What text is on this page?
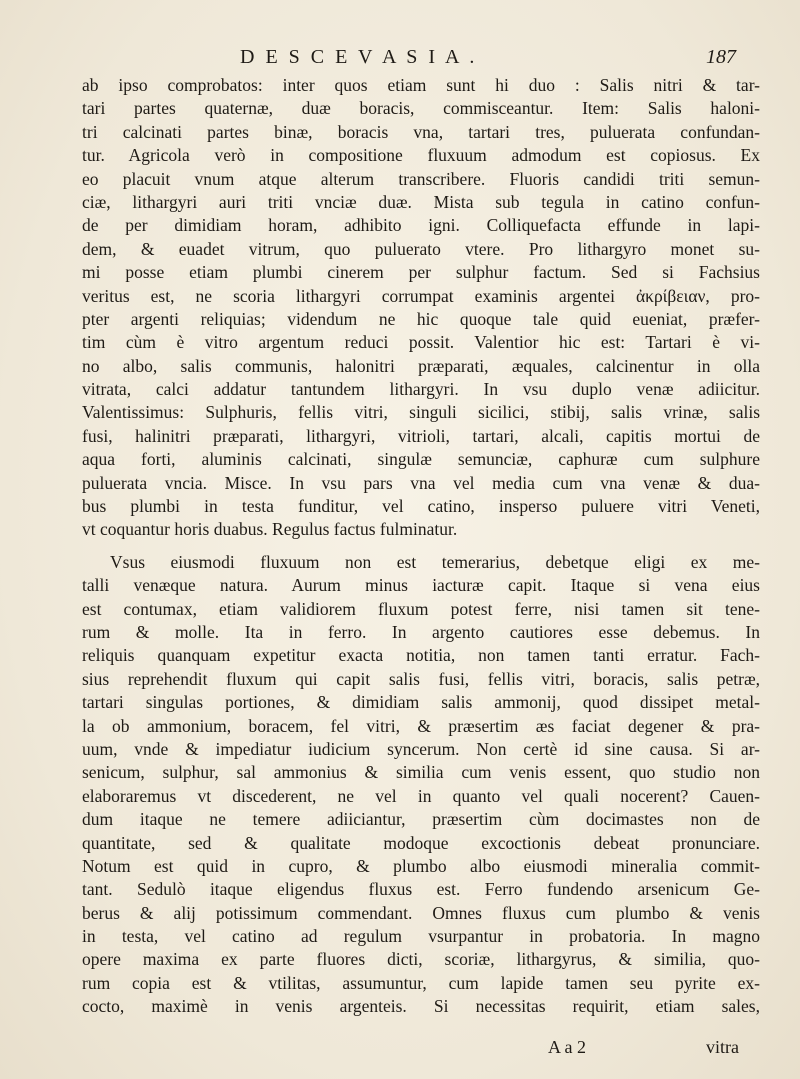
D E S C E V A S I A .	187
ab ipso comprobatos: inter quos etiam sunt hi duo : Salis nitri & tar-
tari partes quaternæ, duæ boracis, commisceantur. Item: Salis haloni-
tri calcinati partes binæ, boracis vna, tartari tres, puluerata confundan-
tur. Agricola verò in compositione fluxuum admodum est copiosus. Ex
eo placuit vnum atque alterum transcribere. Fluoris candidi triti semun-
ciæ, lithargyri auri triti vnciæ duæ. Mista sub tegula in catino confun-
de per dimidiam horam, adhibito igni. Colliquefacta effunde in lapi-
dem, & euadet vitrum, quo puluerato vtere. Pro lithargyro monet su-
mi posse etiam plumbi cinerem per sulphur factum. Sed si Fachsius
veritus est, ne scoria lithargyri corrumpat examinis argentei ἀκρίβειαν, pro-
pter argenti reliquias; videndum ne hic quoque tale quid eueniat, præfer-
tim cùm è vitro argentum reduci possit. Valentior hic est: Tartari è vi-
no albo, salis communis, halonitri præparati, æquales, calcinentur in olla
vitrata, calci addatur tantundem lithargyri. In vsu duplo venæ adiicitur.
Valentissimus: Sulphuris, fellis vitri, singuli sicilici, stibij, salis vrinæ, salis
fusi, halinitri præparati, lithargyri, vitrioli, tartari, alcali, capitis mortui de
aqua forti, aluminis calcinati, singulæ semunciæ, caphuræ cum sulphure
puluerata vncia. Misce. In vsu pars vna vel media cum vna venæ & dua-
bus plumbi in testa funditur, vel catino, inspersо puluere vitri Veneti,
vt coquantur horis duabus. Regulus factus fulminatur.
Vsus eiusmodi fluxuum non est temerarius, debetque eligi ex me-
talli venæque natura. Aurum minus iacturæ capit. Itaque si vena eius
est contumax, etiam validiorem fluxum potest ferre, nisi tamen sit tene-
rum & molle. Ita in ferro. In argento cautiores esse debemus. In
reliquis quanquam expetitur exacta notitia, non tamen tanti erratur. Fach-
sius reprehendit fluxum qui capit salis fusi, fellis vitri, boracis, salis petræ,
tartari singulas portiones, & dimidiam salis ammonij, quod dissipet metal-
la ob ammonium, boracem, fel vitri, & præsertim æs faciat degener & pra-
uum, vnde & impediatur iudicium syncerum. Non certè id sine causa. Si ar-
senicum, sulphur, sal ammonius & similia cum venis essent, quo studio non
elaboraremus vt discederent, ne vel in quanto vel quali nocerent? Cauen-
dum itaque ne temere adiiciantur, præsertim cùm docimastes non de
quantitate, sed & qualitate modoque excoctionis debeat pronunciare.
Notum est quid in cupro, & plumbo albo eiusmodi mineralia commit-
tant. Sedulò itaque eligendus fluxus est. Ferro fundendo arsenicum Ge-
berus & alij potissimum commendant. Omnes fluxus cum plumbo & venis
in testa, vel catino ad regulum vsurpantur in probatoria. In magno
opere maxima ex parte fluores dicti, scoriæ, lithargyrus, & similia, quo-
rum copia est & vtilitas, assumuntur, cum lapide tamen seu pyrite ex-
cocto, maximè in venis argenteis. Si necessitas requirit, etiam sales,
A a 2	vitra
